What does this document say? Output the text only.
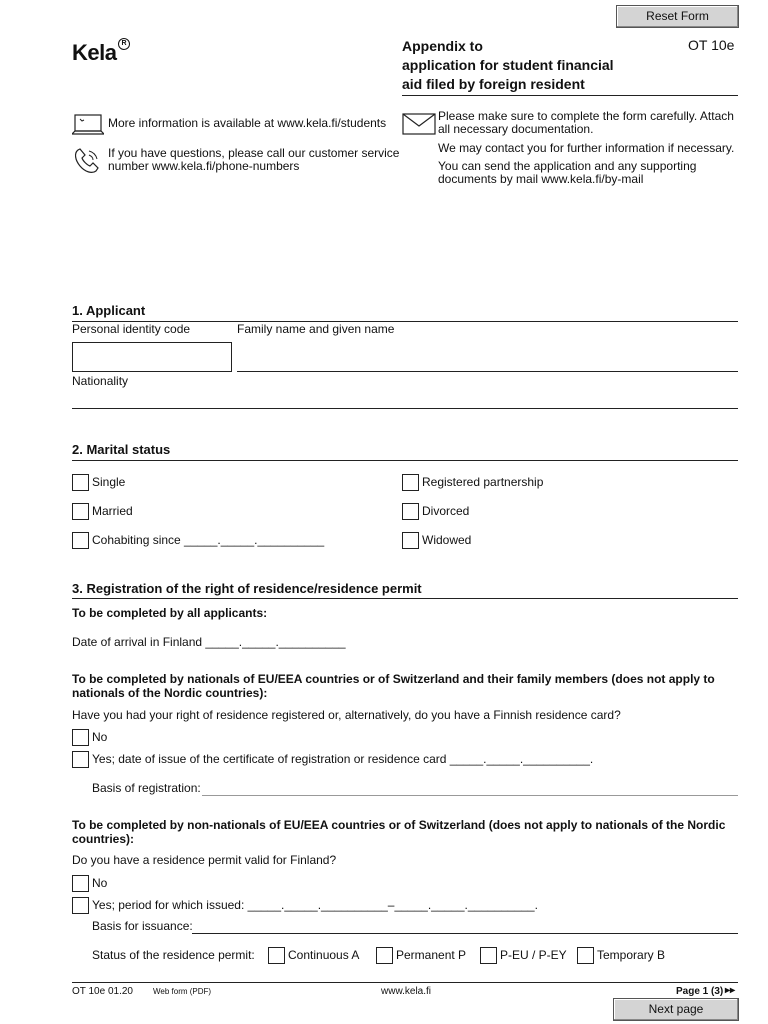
Reset Form
Kela R	Appendix to
application for student financial
aid filed by foreign resident
OT 10e
More information is available at www.kela.fi/students
If you have questions, please call our customer service
number www.kela.fi/phone-numbers
Please make sure to complete the form carefully. Attach
all necessary documentation.
We may contact you for further information if necessary.
You can send the application and any supporting
documents by mail www.kela.fi/by-mail
1. Applicant
Personal identity code	Family name and given name
Nationality
2. Marital status
Single
Married
Cohabiting since _____._____.__________
Registered partnership
Divorced
Widowed
3. Registration of the right of residence/residence permit
To be completed by all applicants:
Date of arrival in Finland _____._____.__________
To be completed by nationals of EU/EEA countries or of Switzerland and their family members (does not apply to
nationals of the Nordic countries):
Have you had your right of residence registered or, alternatively, do you have a Finnish residence card?
No
Yes; date of issue of the certificate of registration or residence card _____._____.__________.
Basis of registration:
To be completed by non-nationals of EU/EEA countries or of Switzerland (does not apply to nationals of the Nordic
countries):
Do you have a residence permit valid for Finland?
No
Yes; period for which issued: _____._____.__________–_____._____.__________.
Basis for issuance:
Status of the residence permit:	Continuous A	Permanent P	P-EU / P-EY	Temporary B
OT 10e 01.20	Web form (PDF)	www.kela.fi	Page 1 (3) ▸▸
Next page
